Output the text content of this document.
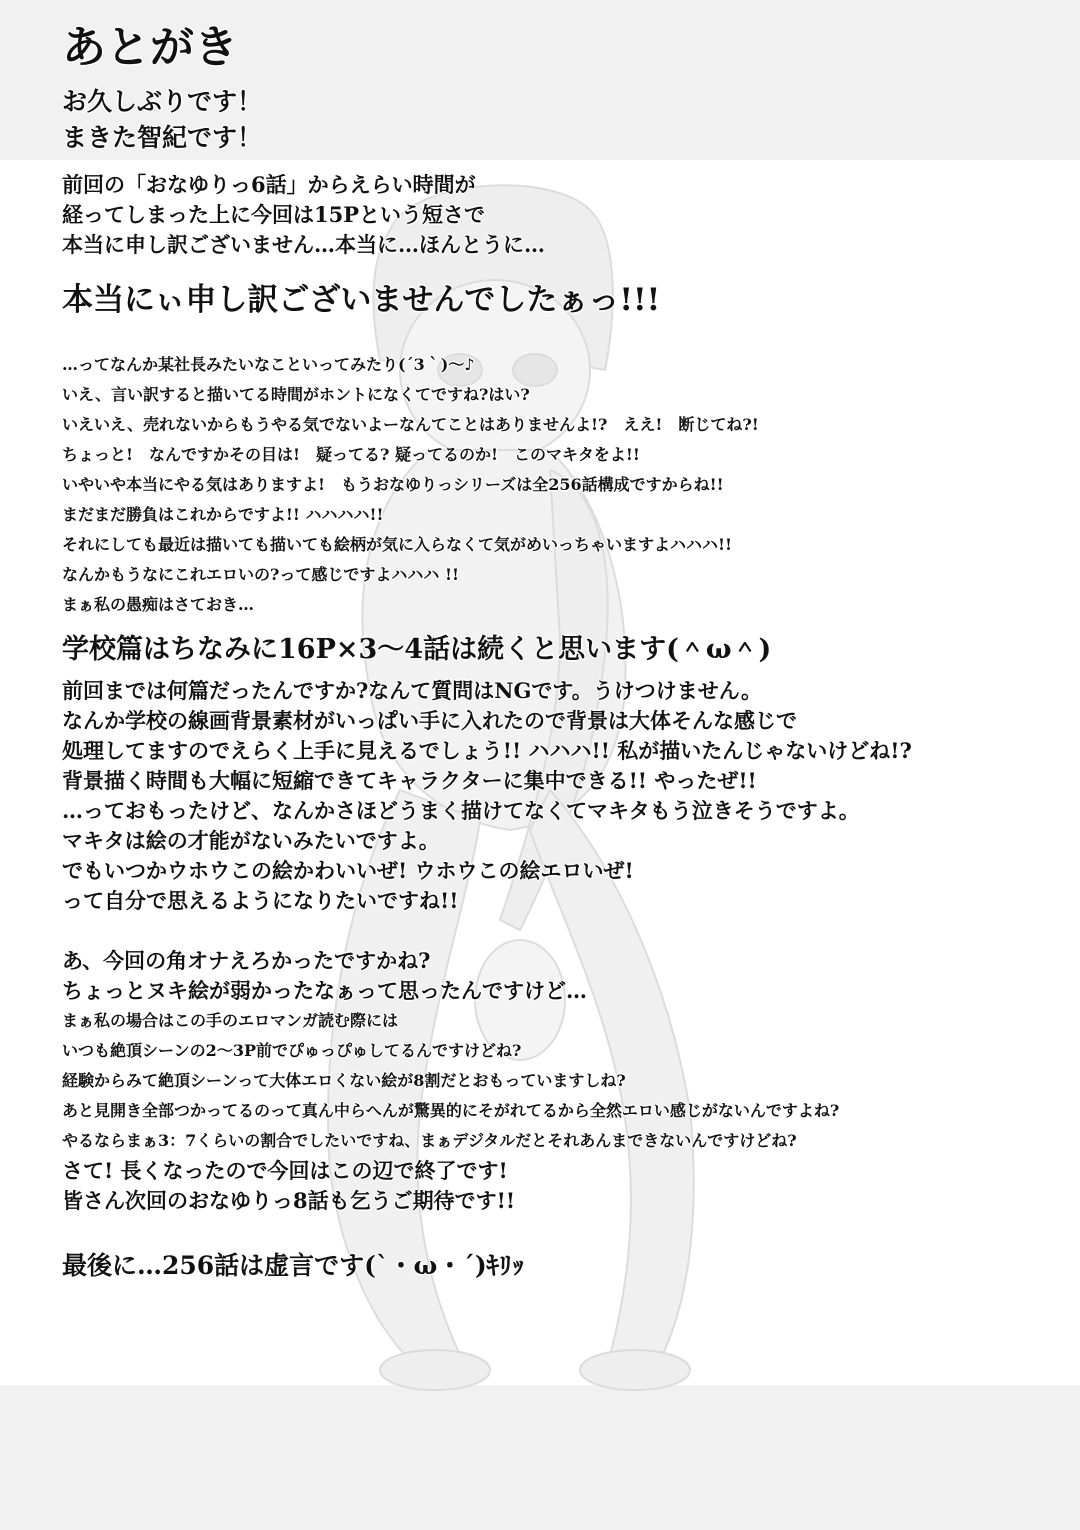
あとがき
お久しぶりです！
まきた智紀です！
前回の「おなゆりっ6話」からえらい時間が
経ってしまった上に今回は15Pという短さで
本当に申し訳ございません…本当に…ほんとうに…
本当にぃ申し訳ございませんでしたぁっ!!!
…ってなんか某社長みたいなこといってみたり(´3｀)～♪
いえ、言い訳すると描いてる時間がホントになくてですね?はい?
いえいえ、売れないからもうやる気でないよーなんてことはありませんよ!?　ええ!　断じてね?!
ちょっと!　なんですかその目は!　疑ってる? 疑ってるのか!　このマキタをよ!!
いやいや本当にやる気はありますよ!　もうおなゆりっシリーズは全256話構成ですからね!!
まだまだ勝負はこれからですよ!! ハハハハ!!
それにしても最近は描いても描いても絵柄が気に入らなくて気がめいっちゃいますよハハハ!!
なんかもうなにこれエロいの?って感じですよハハハ !!
まぁ私の愚痴はさておき…
学校篇はちなみに16P×3～4話は続くと思います(＾ω＾)
前回までは何篇だったんですか?なんて質問はNGです。うけつけません。
なんか学校の線画背景素材がいっぱい手に入れたので背景は大体そんな感じで
処理してますのでえらく上手に見えるでしょう!! ハハハ!! 私が描いたんじゃないけどね!?
背景描く時間も大幅に短縮できてキャラクターに集中できる!! やったぜ!!
…っておもったけど、なんかさほどうまく描けてなくてマキタもう泣きそうですよ。
マキタは絵の才能がないみたいですよ。
でもいつかウホウこの絵かわいいぜ! ウホウこの絵エロいぜ!
って自分で思えるようになりたいですね!!
あ、今回の角オナえろかったですかね?
ちょっとヌキ絵が弱かったなぁって思ったんですけど…
まぁ私の場合はこの手のエロマンガ読む際には
いつも絶頂シーンの2～3P前でぴゅっぴゅしてるんですけどね?
経験からみて絶頂シーンって大体エロくない絵が8割だとおもっていますしね?
あと見開き全部つかってるのって真ん中らへんが驚異的にそがれてるから全然エロい感じがないんですよね?
やるならまぁ3：7くらいの割合でしたいですね、まぁデジタルだとそれあんまできないんですけどね?
さて! 長くなったので今回はこの辺で終了です!
皆さん次回のおなゆりっ8話も乞うご期待です!!
最後に…256話は虚言です(`・ω・´)ｷﾘｯ
